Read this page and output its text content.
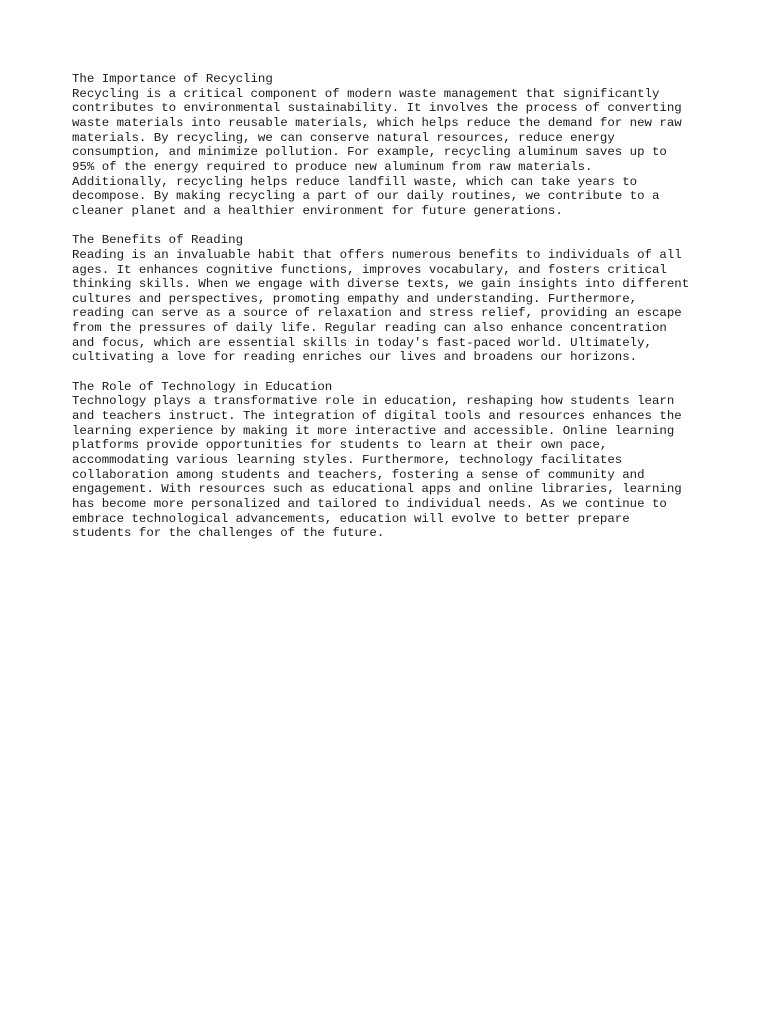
The Importance of Recycling
Recycling is a critical component of modern waste management that significantly
contributes to environmental sustainability. It involves the process of converting
waste materials into reusable materials, which helps reduce the demand for new raw
materials. By recycling, we can conserve natural resources, reduce energy
consumption, and minimize pollution. For example, recycling aluminum saves up to
95% of the energy required to produce new aluminum from raw materials.
Additionally, recycling helps reduce landfill waste, which can take years to
decompose. By making recycling a part of our daily routines, we contribute to a
cleaner planet and a healthier environment for future generations.
The Benefits of Reading
Reading is an invaluable habit that offers numerous benefits to individuals of all
ages. It enhances cognitive functions, improves vocabulary, and fosters critical
thinking skills. When we engage with diverse texts, we gain insights into different
cultures and perspectives, promoting empathy and understanding. Furthermore,
reading can serve as a source of relaxation and stress relief, providing an escape
from the pressures of daily life. Regular reading can also enhance concentration
and focus, which are essential skills in today's fast-paced world. Ultimately,
cultivating a love for reading enriches our lives and broadens our horizons.
The Role of Technology in Education
Technology plays a transformative role in education, reshaping how students learn
and teachers instruct. The integration of digital tools and resources enhances the
learning experience by making it more interactive and accessible. Online learning
platforms provide opportunities for students to learn at their own pace,
accommodating various learning styles. Furthermore, technology facilitates
collaboration among students and teachers, fostering a sense of community and
engagement. With resources such as educational apps and online libraries, learning
has become more personalized and tailored to individual needs. As we continue to
embrace technological advancements, education will evolve to better prepare
students for the challenges of the future.
